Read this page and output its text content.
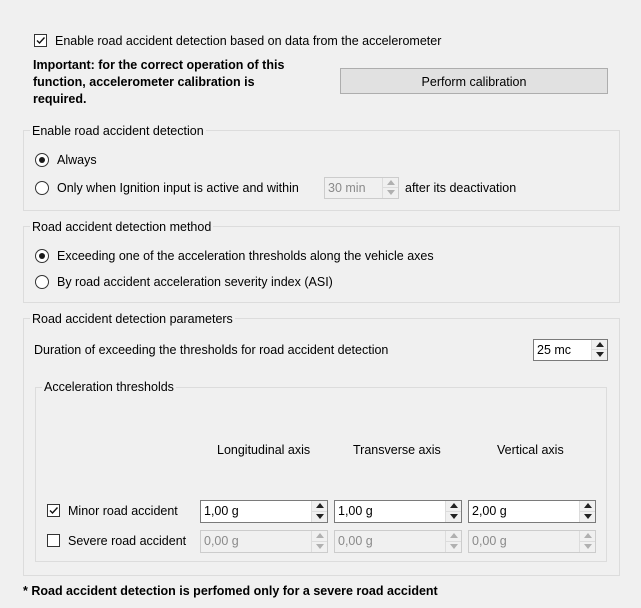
Enable road accident detection based on data from the accelerometer
Important: for the correct operation of this
function, accelerometer calibration is
required.
Perform calibration
Enable road accident detection
Always
Only when Ignition input is active and within 30 min	after its deactivation
Road accident detection method
Exceeding one of the acceleration thresholds along the vehicle axes
By road accident acceleration severity index (ASI)
Road accident detection parameters
Duration of exceeding the thresholds for road accident detection	25 mc
Acceleration thresholds
Longitudinal axis	Transverse axis	Vertical axis
Minor road accident 1,00 g	1,00 g	2,00 g
Severe road accident 0,00 g	0,00 g	0,00 g
* Road accident detection is perfomed only for a severe road accident
